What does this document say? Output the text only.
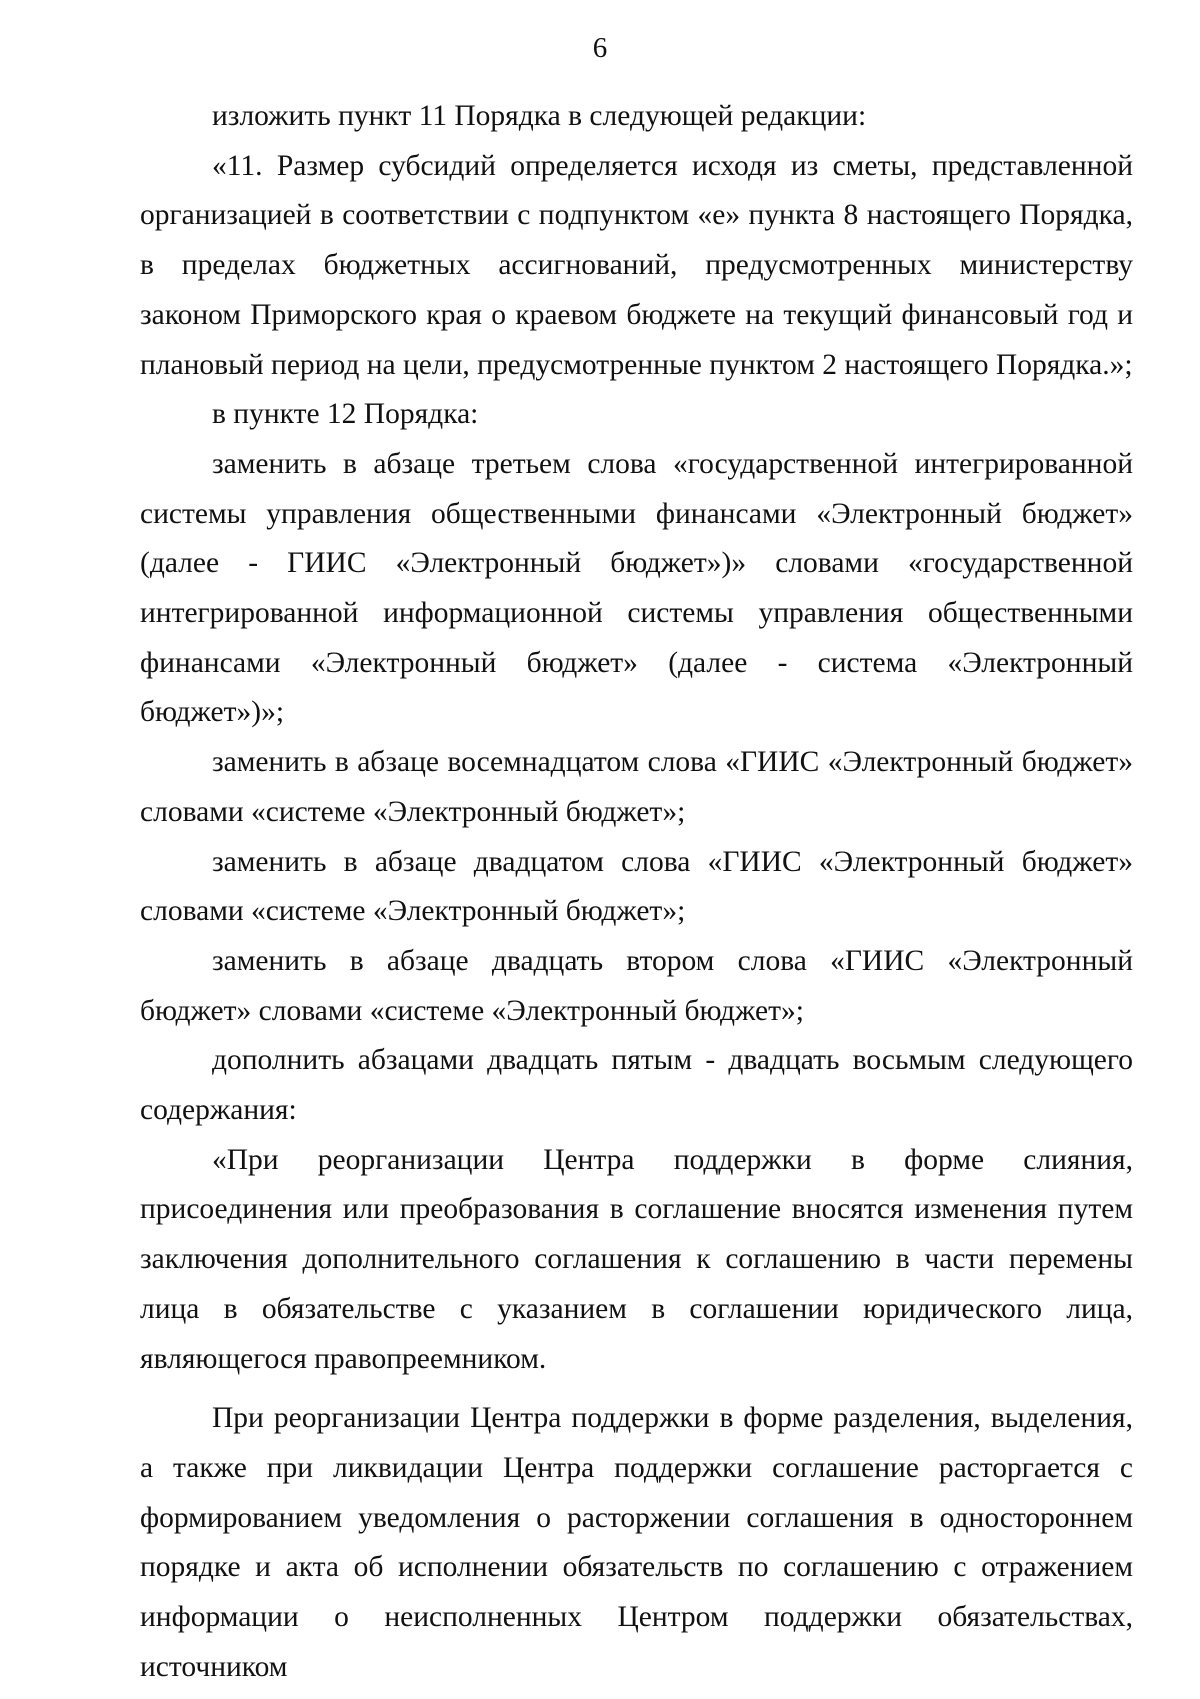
6

изложить пункт 11 Порядка в следующей редакции:

«11. Размер субсидий определяется исходя из сметы, представленной организацией в соответствии с подпунктом «е» пункта 8 настоящего Порядка, в пределах бюджетных ассигнований, предусмотренных министерству законом Приморского края о краевом бюджете на текущий финансовый год и плановый период на цели, предусмотренные пунктом 2 настоящего Порядка.»;

в пункте 12 Порядка:

заменить в абзаце третьем слова «государственной интегрированной системы управления общественными финансами «Электронный бюджет» (далее - ГИИС «Электронный бюджет»)» словами «государственной интегрированной информационной системы управления общественными финансами «Электронный бюджет» (далее - система «Электронный бюджет»)»;

заменить в абзаце восемнадцатом слова «ГИИС «Электронный бюджет» словами «системе «Электронный бюджет»;

заменить в абзаце двадцатом слова «ГИИС «Электронный бюджет» словами «системе «Электронный бюджет»;

заменить в абзаце двадцать втором слова «ГИИС «Электронный бюджет» словами «системе «Электронный бюджет»;

дополнить абзацами двадцать пятым - двадцать восьмым следующего содержания:

«При реорганизации Центра поддержки в форме слияния, присоединения или преобразования в соглашение вносятся изменения путем заключения дополнительного соглашения к соглашению в части перемены лица в обязательстве с указанием в соглашении юридического лица, являющегося правопреемником.

При реорганизации Центра поддержки в форме разделения, выделения, а также при ликвидации Центра поддержки соглашение расторгается с формированием уведомления о расторжении соглашения в одностороннем порядке и акта об исполнении обязательств по соглашению с отражением информации о неисполненных Центром поддержки обязательствах, источником
